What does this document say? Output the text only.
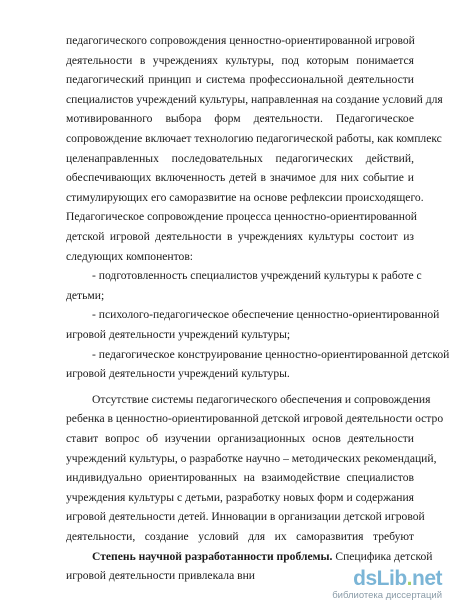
педагогического сопровождения ценностно-ориентированной игровой
деятельности в учреждениях культуры, под которым понимается
педагогический принцип и система профессиональной деятельности
специалистов учреждений культуры, направленная на создание условий для
мотивированного выбора форм деятельности. Педагогическое
сопровождение включает технологию педагогической работы, как комплекс
целенаправленных последовательных педагогических действий,
обеспечивающих включенность детей в значимое для них событие и
стимулирующих его саморазвитие на основе рефлексии происходящего.
Педагогическое сопровождение процесса ценностно-ориентированной
детской игровой деятельности в учреждениях культуры состоит из
следующих компонентов:
- подготовленность специалистов учреждений культуры к работе с
детьми;
- психолого-педагогическое обеспечение ценностно-ориентированной
игровой деятельности учреждений культуры;
- педагогическое конструирование ценностно-ориентированной детской
игровой деятельности учреждений культуры.
Отсутствие системы педагогического обеспечения и сопровождения
ребенка в ценностно-ориентированной детской игровой деятельности остро
ставит вопрос об изучении организационных основ деятельности
учреждений культуры, о разработке научно – методических рекомендаций,
индивидуально ориентированных на взаимодействие специалистов
учреждения культуры с детьми, разработку новых форм и содержания
игровой деятельности детей. Инновации в организации детской игровой
деятельности, создание условий для их саморазвития требуют
Степень научной разработанности проблемы. Специфика детской
игровой деятельности привлекала вни	dsLib.net
библиотека диссертаций
